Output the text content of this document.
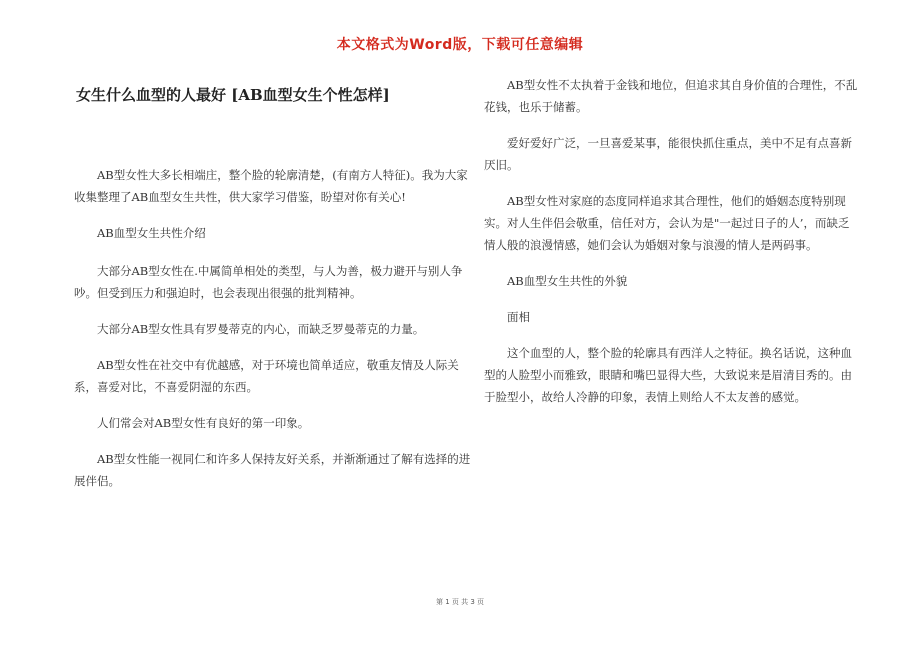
本文格式为Word版，下载可任意编辑
女生什么血型的人最好 [AB血型女生个性怎样]

AB型女性大多长相端庄，整个脸的轮廓清楚，(有南方人特征)。我为大家收集整理了AB血型女生共性，供大家学习借鉴，盼望对你有关心!

AB血型女生共性介绍

大部分AB型女性在.中属简单相处的类型，与人为善，极力避开与别人争吵。但受到压力和强迫时，也会表现出很强的批判精神。

大部分AB型女性具有罗曼蒂克的内心，而缺乏罗曼蒂克的力量。

AB型女性在社交中有优越感，对于环境也简单适应，敬重友情及人际关系，喜爱对比，不喜爱阴湿的东西。

人们常会对AB型女性有良好的第一印象。

AB型女性能一视同仁和许多人保持友好关系，并渐渐通过了解有选择的进展伴侣。

AB型女性不太执着于金钱和地位，但追求其自身价值的合理性，不乱花钱，也乐于储蓄。

爱好爱好广泛，一旦喜爱某事，能很快抓住重点，美中不足有点喜新厌旧。

AB型女性对家庭的态度同样追求其合理性，他们的婚姻态度特别现实。对人生伴侣会敬重，信任对方，会认为是"一起过日子的人’，而缺乏情人般的浪漫情感，她们会认为婚姻对象与浪漫的情人是两码事。

AB血型女生共性的外貌

面相

这个血型的人，整个脸的轮廓具有西洋人之特征。换名话说，这种血型的人脸型小而雅致，眼睛和嘴巴显得大些，大致说来是眉清目秀的。由于脸型小，故给人冷静的印象，表情上则给人不太友善的感觉。

第 1 页 共 3 页
